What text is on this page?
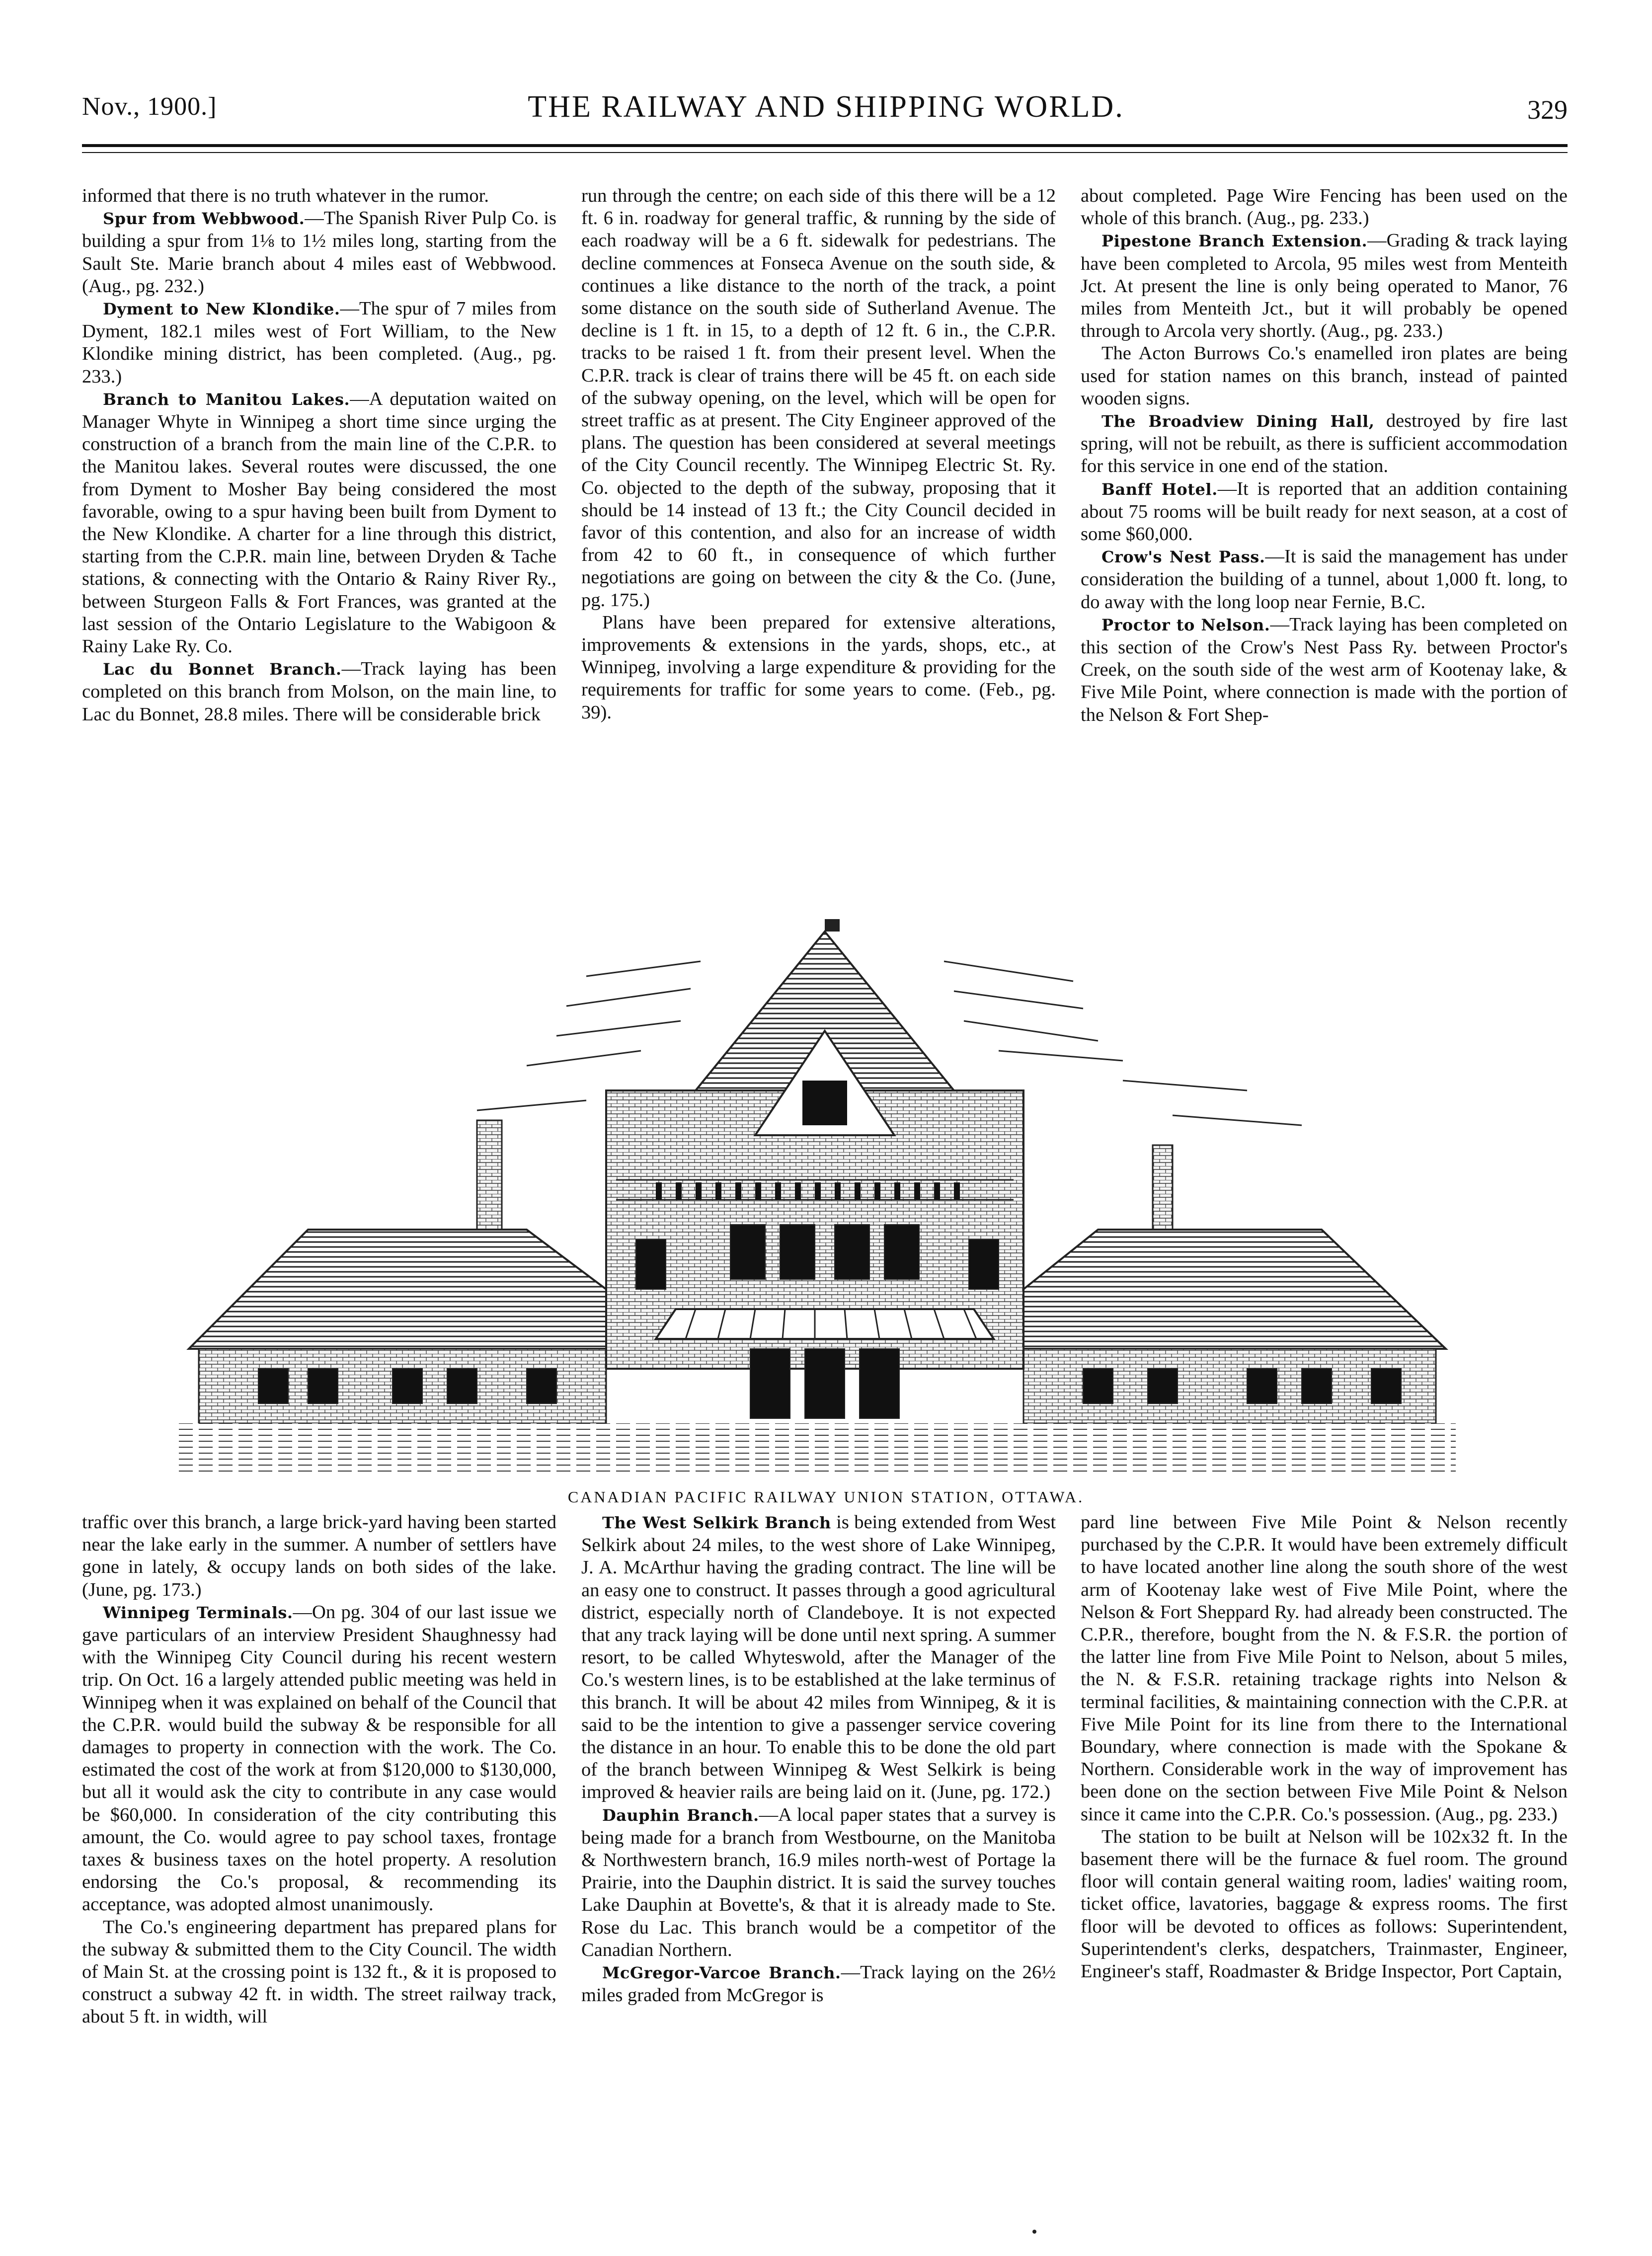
Nov., 1900.]	THE RAILWAY AND SHIPPING WORLD.	329

informed that there is no truth whatever in the rumor.

Spur from Webbwood.—The Spanish River Pulp Co. is building a spur from 1⅛ to 1½ miles long, starting from the Sault Ste. Marie branch about 4 miles east of Webbwood. (Aug., pg. 232.)

Dyment to New Klondike.—The spur of 7 miles from Dyment, 182.1 miles west of Fort William, to the New Klondike mining district, has been completed. (Aug., pg. 233.)

Branch to Manitou Lakes.—A deputation waited on Manager Whyte in Winnipeg a short time since urging the construction of a branch from the main line of the C.P.R. to the Manitou lakes. Several routes were discussed, the one from Dyment to Mosher Bay being considered the most favorable, owing to a spur having been built from Dyment to the New Klondike. A charter for a line through this district, starting from the C.P.R. main line, between Dryden & Tache stations, & connecting with the Ontario & Rainy River Ry., between Sturgeon Falls & Fort Frances, was granted at the last session of the Ontario Legislature to the Wabigoon & Rainy Lake Ry. Co.

Lac du Bonnet Branch.—Track laying has been completed on this branch from Molson, on the main line, to Lac du Bonnet, 28.8 miles. There will be considerable brick

run through the centre; on each side of this there will be a 12 ft. 6 in. roadway for general traffic, & running by the side of each roadway will be a 6 ft. sidewalk for pedestrians. The decline commences at Fonseca Avenue on the south side, & continues a like distance to the north of the track, a point some distance on the south side of Sutherland Avenue. The decline is 1 ft. in 15, to a depth of 12 ft. 6 in., the C.P.R. tracks to be raised 1 ft. from their present level. When the C.P.R. track is clear of trains there will be 45 ft. on each side of the subway opening, on the level, which will be open for street traffic as at present. The City Engineer approved of the plans. The question has been considered at several meetings of the City Council recently. The Winnipeg Electric St. Ry. Co. objected to the depth of the subway, proposing that it should be 14 instead of 13 ft.; the City Council decided in favor of this contention, and also for an increase of width from 42 to 60 ft., in consequence of which further negotiations are going on between the city & the Co. (June, pg. 175.)

Plans have been prepared for extensive alterations, improvements & extensions in the yards, shops, etc., at Winnipeg, involving a large expenditure & providing for the requirements for traffic for some years to come. (Feb., pg. 39).

about completed. Page Wire Fencing has been used on the whole of this branch. (Aug., pg. 233.)

Pipestone Branch Extension.—Grading & track laying have been completed to Arcola, 95 miles west from Menteith Jct. At present the line is only being operated to Manor, 76 miles from Menteith Jct., but it will probably be opened through to Arcola very shortly. (Aug., pg. 233.)

The Acton Burrows Co.'s enamelled iron plates are being used for station names on this branch, instead of painted wooden signs.

The Broadview Dining Hall, destroyed by fire last spring, will not be rebuilt, as there is sufficient accommodation for this service in one end of the station.

Banff Hotel.—It is reported that an addition containing about 75 rooms will be built ready for next season, at a cost of some $60,000.

Crow's Nest Pass.—It is said the management has under consideration the building of a tunnel, about 1,000 ft. long, to do away with the long loop near Fernie, B.C.

Proctor to Nelson.—Track laying has been completed on this section of the Crow's Nest Pass Ry. between Proctor's Creek, on the south side of the west arm of Kootenay lake, & Five Mile Point, where connection is made with the portion of the Nelson & Fort Shep-

CANADIAN PACIFIC RAILWAY UNION STATION, OTTAWA.

traffic over this branch, a large brick-yard having been started near the lake early in the summer. A number of settlers have gone in lately, & occupy lands on both sides of the lake. (June, pg. 173.)

Winnipeg Terminals.—On pg. 304 of our last issue we gave particulars of an interview President Shaughnessy had with the Winnipeg City Council during his recent western trip. On Oct. 16 a largely attended public meeting was held in Winnipeg when it was explained on behalf of the Council that the C.P.R. would build the subway & be responsible for all damages to property in connection with the work. The Co. estimated the cost of the work at from $120,000 to $130,000, but all it would ask the city to contribute in any case would be $60,000. In consideration of the city contributing this amount, the Co. would agree to pay school taxes, frontage taxes & business taxes on the hotel property. A resolution endorsing the Co.'s proposal, & recommending its acceptance, was adopted almost unanimously.

The Co.'s engineering department has prepared plans for the subway & submitted them to the City Council. The width of Main St. at the crossing point is 132 ft., & it is proposed to construct a subway 42 ft. in width. The street railway track, about 5 ft. in width, will

The West Selkirk Branch is being extended from West Selkirk about 24 miles, to the west shore of Lake Winnipeg, J. A. McArthur having the grading contract. The line will be an easy one to construct. It passes through a good agricultural district, especially north of Clandeboye. It is not expected that any track laying will be done until next spring. A summer resort, to be called Whyteswold, after the Manager of the Co.'s western lines, is to be established at the lake terminus of this branch. It will be about 42 miles from Winnipeg, & it is said to be the intention to give a passenger service covering the distance in an hour. To enable this to be done the old part of the branch between Winnipeg & West Selkirk is being improved & heavier rails are being laid on it. (June, pg. 172.)

Dauphin Branch.—A local paper states that a survey is being made for a branch from Westbourne, on the Manitoba & Northwestern branch, 16.9 miles north-west of Portage la Prairie, into the Dauphin district. It is said the survey touches Lake Dauphin at Bovette's, & that it is already made to Ste. Rose du Lac. This branch would be a competitor of the Canadian Northern.

McGregor-Varcoe Branch.—Track laying on the 26½ miles graded from McGregor is

pard line between Five Mile Point & Nelson recently purchased by the C.P.R. It would have been extremely difficult to have located another line along the south shore of the west arm of Kootenay lake west of Five Mile Point, where the Nelson & Fort Sheppard Ry. had already been constructed. The C.P.R., therefore, bought from the N. & F.S.R. the portion of the latter line from Five Mile Point to Nelson, about 5 miles, the N. & F.S.R. retaining trackage rights into Nelson & terminal facilities, & maintaining connection with the C.P.R. at Five Mile Point for its line from there to the International Boundary, where connection is made with the Spokane & Northern. Considerable work in the way of improvement has been done on the section between Five Mile Point & Nelson since it came into the C.P.R. Co.'s possession. (Aug., pg. 233.)

The station to be built at Nelson will be 102x32 ft. In the basement there will be the furnace & fuel room. The ground floor will contain general waiting room, ladies' waiting room, ticket office, lavatories, baggage & express rooms. The first floor will be devoted to offices as follows: Superintendent, Superintendent's clerks, despatchers, Trainmaster, Engineer, Engineer's staff, Roadmaster & Bridge Inspector, Port Captain,
